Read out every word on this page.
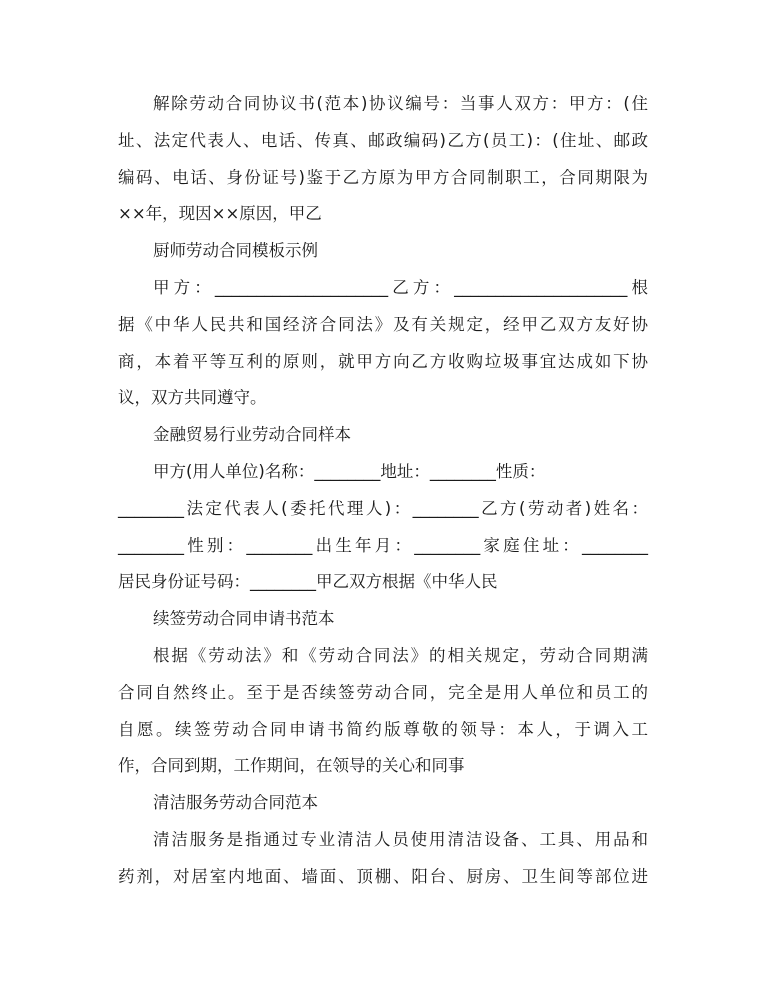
解除劳动合同协议书(范本)协议编号：当事人双方：甲方：(住
址、法定代表人、电话、传真、邮政编码)乙方(员工)：(住址、邮政
编码、电话、身份证号)鉴于乙方原为甲方合同制职工，合同期限为
××年，现因××原因，甲乙
厨师劳动合同模板示例
甲方：_____________________乙方：_____________________根
据《中华人民共和国经济合同法》及有关规定，经甲乙双方友好协
商，本着平等互利的原则，就甲方向乙方收购垃圾事宜达成如下协
议，双方共同遵守。
金融贸易行业劳动合同样本
甲方(用人单位)名称：________地址：________性质：
________法定代表人(委托代理人)：________乙方(劳动者)姓名：
________性别：________出生年月：________家庭住址：________
居民身份证号码：________甲乙双方根据《中华人民
续签劳动合同申请书范本
根据《劳动法》和《劳动合同法》的相关规定，劳动合同期满
合同自然终止。至于是否续签劳动合同，完全是用人单位和员工的
自愿。续签劳动合同申请书简约版尊敬的领导：本人，于调入工
作，合同到期，工作期间，在领导的关心和同事
清洁服务劳动合同范本
清洁服务是指通过专业清洁人员使用清洁设备、工具、用品和
药剂，对居室内地面、墙面、顶棚、阳台、厨房、卫生间等部位进
